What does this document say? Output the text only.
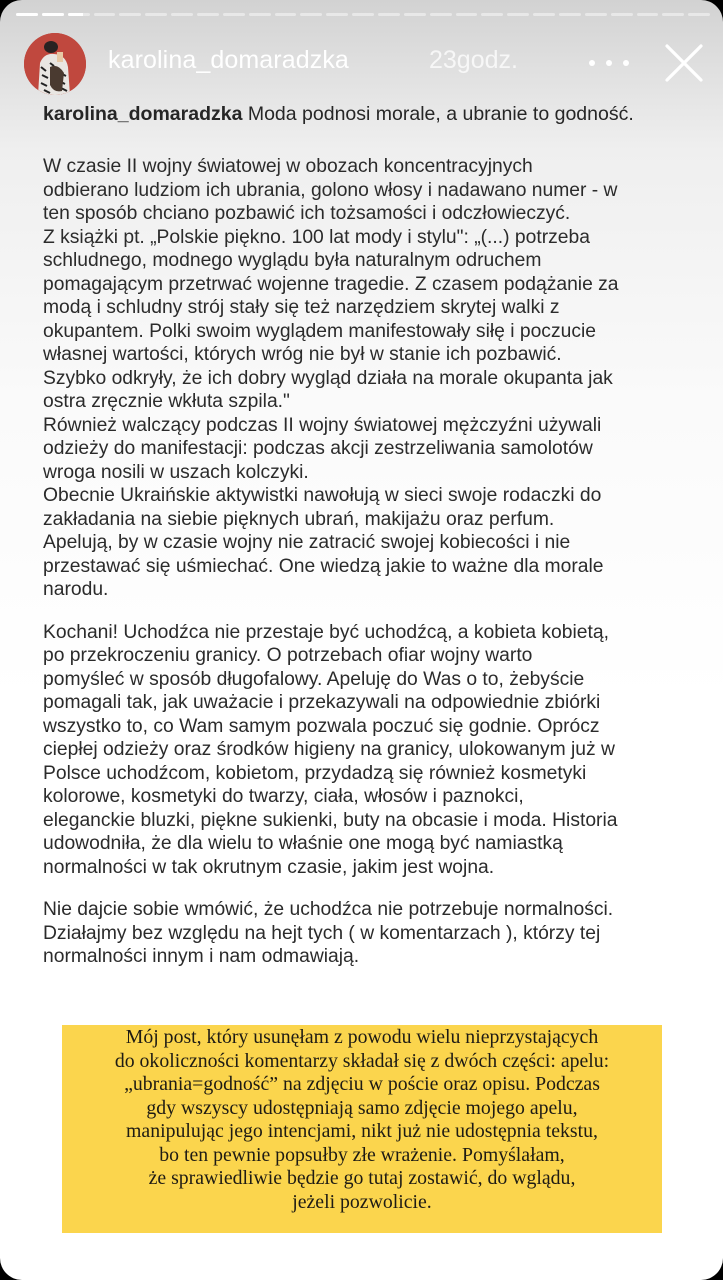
karolina_domaradzka	23godz.
karolina_domaradzka Moda podnosi morale, a ubranie to godność.
W czasie II wojny światowej w obozach koncentracyjnych
odbierano ludziom ich ubrania, golono włosy i nadawano numer - w
ten sposób chciano pozbawić ich tożsamości i odczłowieczyć.
Z książki pt. „Polskie piękno. 100 lat mody i stylu": „(...) potrzeba
schludnego, modnego wyglądu była naturalnym odruchem
pomagającym przetrwać wojenne tragedie. Z czasem podążanie za
modą i schludny strój stały się też narzędziem skrytej walki z
okupantem. Polki swoim wyglądem manifestowały siłę i poczucie
własnej wartości, których wróg nie był w stanie ich pozbawić.
Szybko odkryły, że ich dobry wygląd działa na morale okupanta jak
ostra zręcznie wkłuta szpila."
Również walczący podczas II wojny światowej mężczyźni używali
odzieży do manifestacji: podczas akcji zestrzeliwania samolotów
wroga nosili w uszach kolczyki.
Obecnie Ukraińskie aktywistki nawołują w sieci swoje rodaczki do
zakładania na siebie pięknych ubrań, makijażu oraz perfum.
Apelują, by w czasie wojny nie zatracić swojej kobiecości i nie
przestawać się uśmiechać. One wiedzą jakie to ważne dla morale
narodu.
Kochani! Uchodźca nie przestaje być uchodźcą, a kobieta kobietą,
po przekroczeniu granicy. O potrzebach ofiar wojny warto
pomyśleć w sposób długofalowy. Apeluję do Was o to, żebyście
pomagali tak, jak uważacie i przekazywali na odpowiednie zbiórki
wszystko to, co Wam samym pozwala poczuć się godnie. Oprócz
ciepłej odzieży oraz środków higieny na granicy, ulokowanym już w
Polsce uchodźcom, kobietom, przydadzą się również kosmetyki
kolorowe, kosmetyki do twarzy, ciała, włosów i paznokci,
eleganckie bluzki, piękne sukienki, buty na obcasie i moda. Historia
udowodniła, że dla wielu to właśnie one mogą być namiastką
normalności w tak okrutnym czasie, jakim jest wojna.
Nie dajcie sobie wmówić, że uchodźca nie potrzebuje normalności.
Działajmy bez względu na hejt tych ( w komentarzach ), którzy tej
normalności innym i nam odmawiają.
Mój post, który usunęłam z powodu wielu nieprzystających
do okoliczności komentarzy składał się z dwóch części: apelu:
„ubrania=godność” na zdjęciu w poście oraz opisu. Podczas
gdy wszyscy udostępniają samo zdjęcie mojego apelu,
manipulując jego intencjami, nikt już nie udostępnia tekstu,
bo ten pewnie popsułby złe wrażenie. Pomyślałam,
że sprawiedliwie będzie go tutaj zostawić, do wglądu,
jeżeli pozwolicie.
